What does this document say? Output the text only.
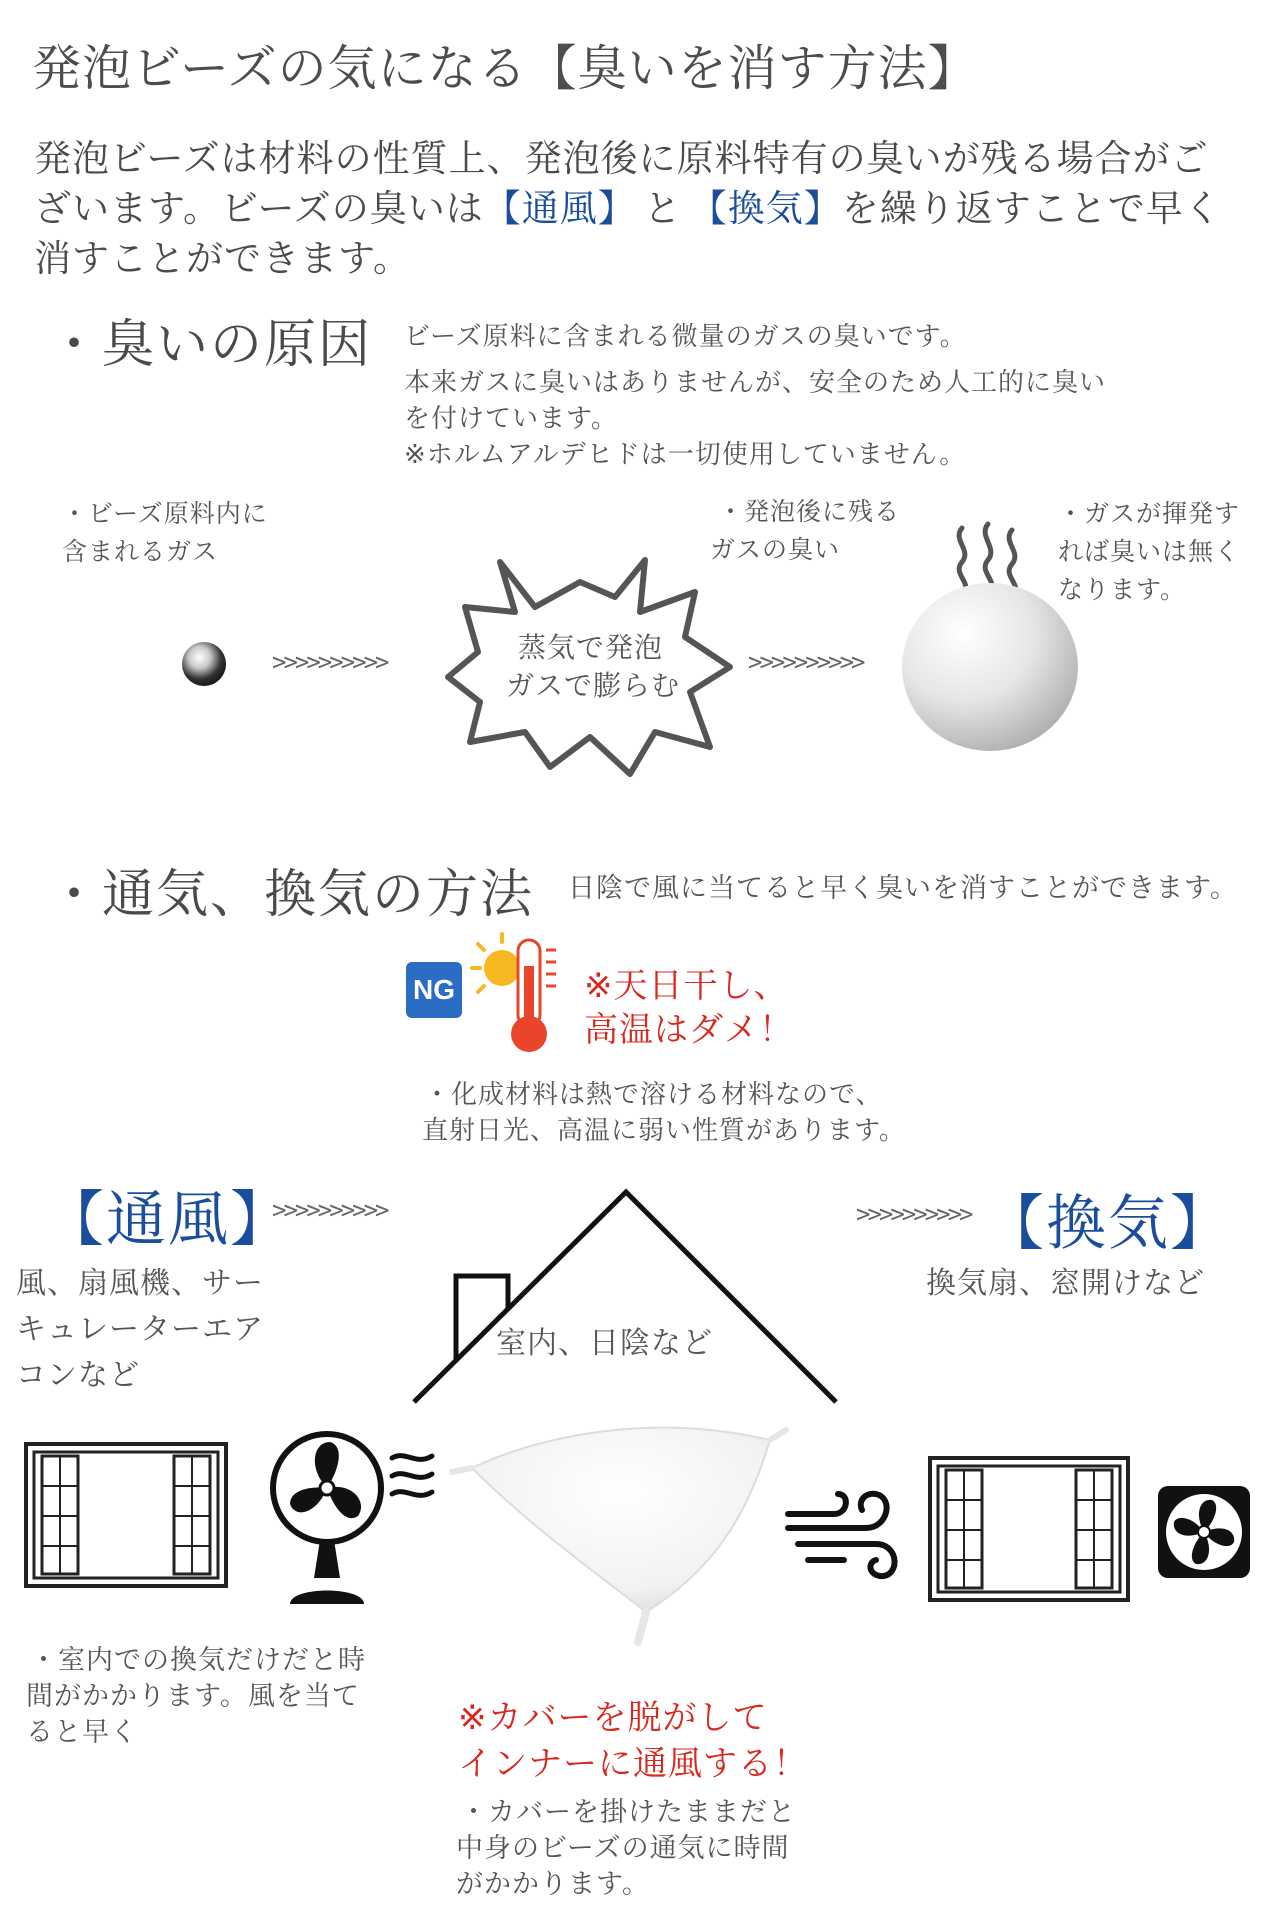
発泡ビーズの気になる【臭いを消す方法】
発泡ビーズは材料の性質上、発泡後に原料特有の臭いが残る場合がご
ざいます。ビーズの臭いは【通風】 と 【換気】を繰り返すことで早く
消すことができます。
・臭いの原因 ビーズ原料に含まれる微量のガスの臭いです。
本来ガスに臭いはありませんが、安全のため人工的に臭い
を付けています。
※ホルムアルデヒドは一切使用していません。
・ビーズ原料内に
含まれるガス
・発泡後に残る
ガスの臭い
・ガスが揮発す
れば臭いは無く
なります。
>>>>>>>>>>	蒸気で発泡
ガスで膨らむ
>>>>>>>>>>
・通気、換気の方法 日陰で風に当てると早く臭いを消すことができます。
NG	※天日干し、
高温はダメ！
・化成材料は熱で溶ける材料なので、
直射日光、高温に弱い性質があります。
【通風】
>>>>>>>>>>
風、扇風機、サー
キュレーターエア
コンなど
>>>>>>>>>> 【換気】
換気扇、窓開けなど
室内、日陰など
・室内での換気だけだと時
間がかかります。風を当て
ると早く	※カバーを脱がして
インナーに通風する！
・カバーを掛けたままだと
中身のビーズの通気に時間
がかかります。
